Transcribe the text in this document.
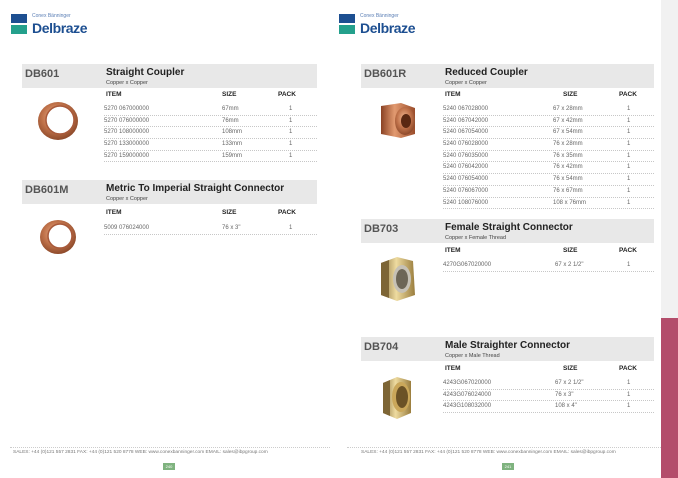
Conex Bänninger
Delbraze
DB601	Straight Coupler
Copper x Copper
ITEM	SIZE	PACK
5270 067000000	67mm	1
5270 076000000	76mm	1
5270 108000000	108mm	1
5270 133000000	133mm	1
5270 159000000	159mm	1
DB601M	Metric To Imperial Straight Connector
Copper x Copper
ITEM	SIZE	PACK
5009 076024000	76 x 3"	1
SALES: +44 (0)121 557 2831 FAX: +44 (0)121 520 8778 WEB: www.conexbanninger.com EMAIL: sales@ibpgroup.com
240
Conex Bänninger
Delbraze
DB601R	Reduced Coupler
Copper x Copper
ITEM	SIZE	PACK
5240 067028000	67 x 28mm	1
5240 067042000	67 x 42mm	1
5240 067054000	67 x 54mm	1
5240 076028000	76 x 28mm	1
5240 076035000	76 x 35mm	1
5240 076042000	76 x 42mm	1
5240 076054000	76 x 54mm	1
5240 076067000	76 x 67mm	1
5240 108076000	108 x 76mm	1
DB703	Female Straight Connector
Copper x Female Thread
ITEM	SIZE	PACK
4270G067020000	67 x 2 1/2"	1
DB704	Male Straighter Connector
Copper x Male Thread
ITEM	SIZE	PACK
4243G067020000	67 x 2 1/2"	1
4243G076024000	76 x 3"	1
4243G108032000	108 x 4"	1
SALES: +44 (0)121 557 2831 FAX: +44 (0)121 520 8778 WEB: www.conexbanninger.com EMAIL: sales@ibpgroup.com
241
